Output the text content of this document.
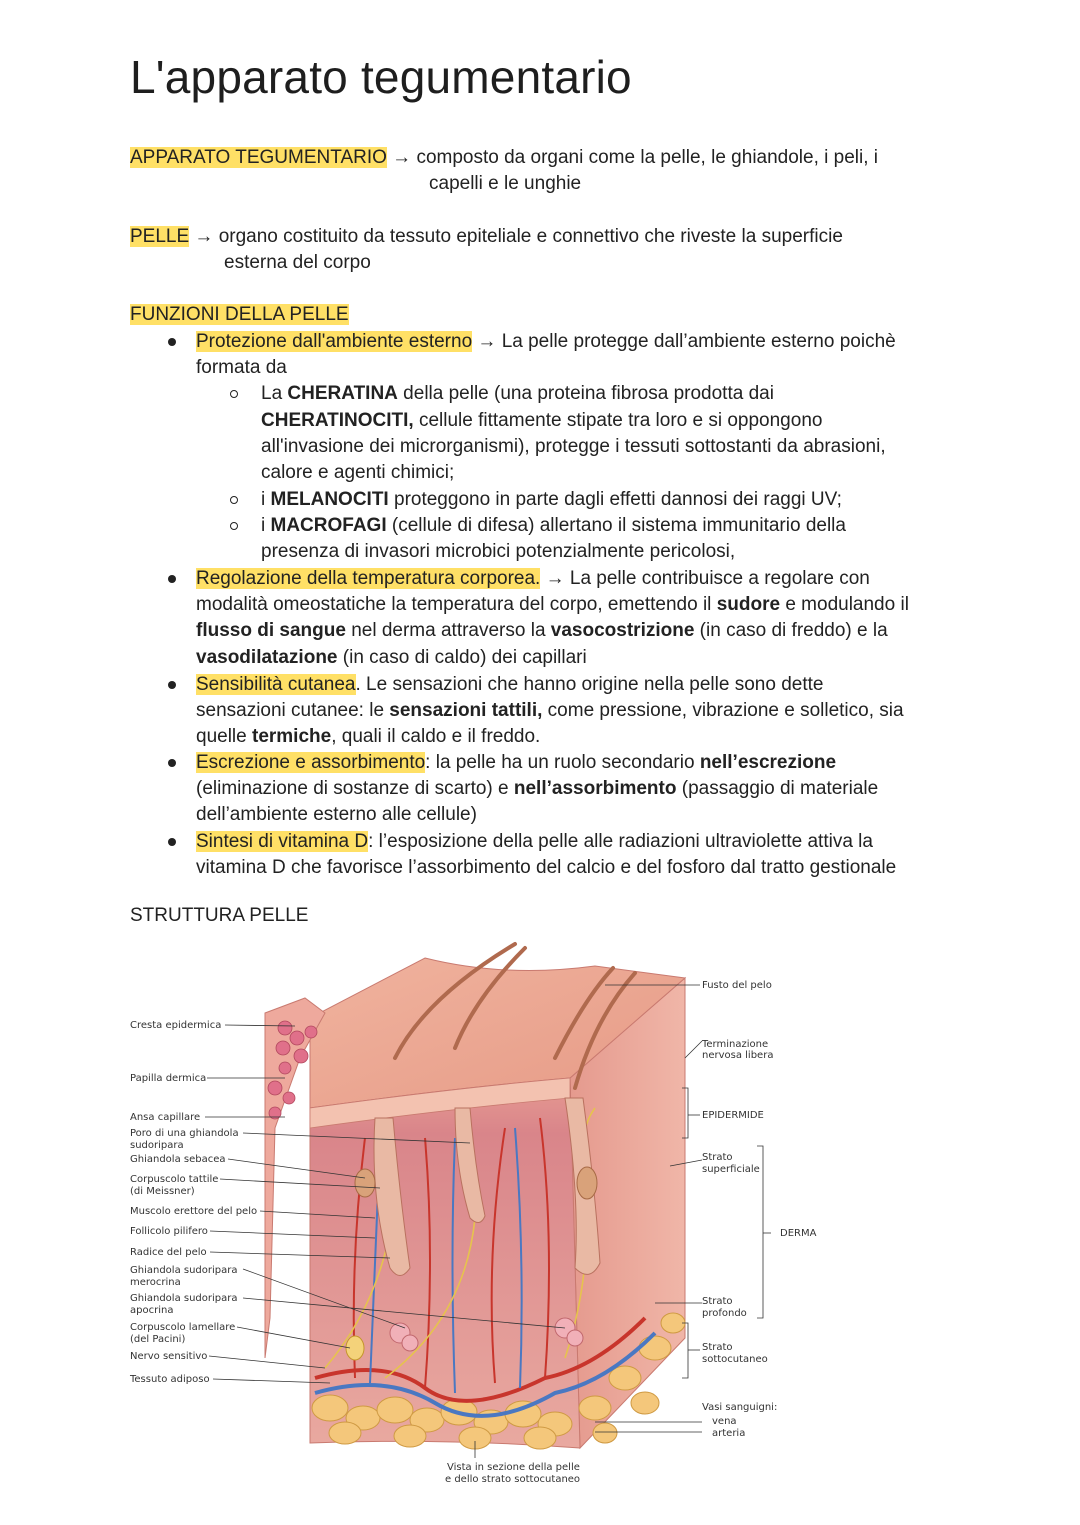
L'apparato tegumentario
APPARATO TEGUMENTARIO → composto da organi come la pelle, le ghiandole, i peli, i
capelli e le unghie
PELLE → organo costituito da tessuto epiteliale e connettivo che riveste la superficie
esterna del corpo
FUNZIONI DELLA PELLE
Protezione dall'ambiente esterno → La pelle protegge dall’ambiente esterno poichè
formata da
La CHERATINA della pelle (una proteina fibrosa prodotta dai
CHERATINOCITI, cellule fittamente stipate tra loro e si oppongono
all'invasione dei microrganismi), protegge i tessuti sottostanti da abrasioni,
calore e agenti chimici;
i MELANOCITI proteggono in parte dagli effetti dannosi dei raggi UV;
i MACROFAGI (cellule di difesa) allertano il sistema immunitario della
presenza di invasori microbici potenzialmente pericolosi,
Regolazione della temperatura corporea. → La pelle contribuisce a regolare con
modalità omeostatiche la temperatura del corpo, emettendo il sudore e modulando il
flusso di sangue nel derma attraverso la vasocostrizione (in caso di freddo) e la
vasodilatazione (in caso di caldo) dei capillari
Sensibilità cutanea. Le sensazioni che hanno origine nella pelle sono dette
sensazioni cutanee: le sensazioni tattili, come pressione, vibrazione e solletico, sia
quelle termiche, quali il caldo e il freddo.
Escrezione e assorbimento: la pelle ha un ruolo secondario nell’escrezione
(eliminazione di sostanze di scarto) e nell’assorbimento (passaggio di materiale
dell’ambiente esterno alle cellule)
Sintesi di vitamina D: l’esposizione della pelle alle radiazioni ultraviolette attiva la
vitamina D che favorisce l’assorbimento del calcio e del fosforo dal tratto gestionale
STRUTTURA PELLE
Cresta epidermica
Papilla dermica
Ansa capillare
Poro di una ghiandola
sudoripara
Ghiandola sebacea
Corpuscolo tattile
(di Meissner)
Muscolo erettore del pelo
Follicolo pilifero
Radice del pelo
Ghiandola sudoripara
merocrina
Ghiandola sudoripara
apocrina
Corpuscolo lamellare
(del Pacini)
Nervo sensitivo
Tessuto adiposo
Fusto del pelo
Terminazione
nervosa libera
EPIDERMIDE
Strato
superficiale
DERMA
Strato
profondo
Strato
sottocutaneo
Vasi sanguigni:
vena
arteria
Vista in sezione della pelle
e dello strato sottocutaneo
